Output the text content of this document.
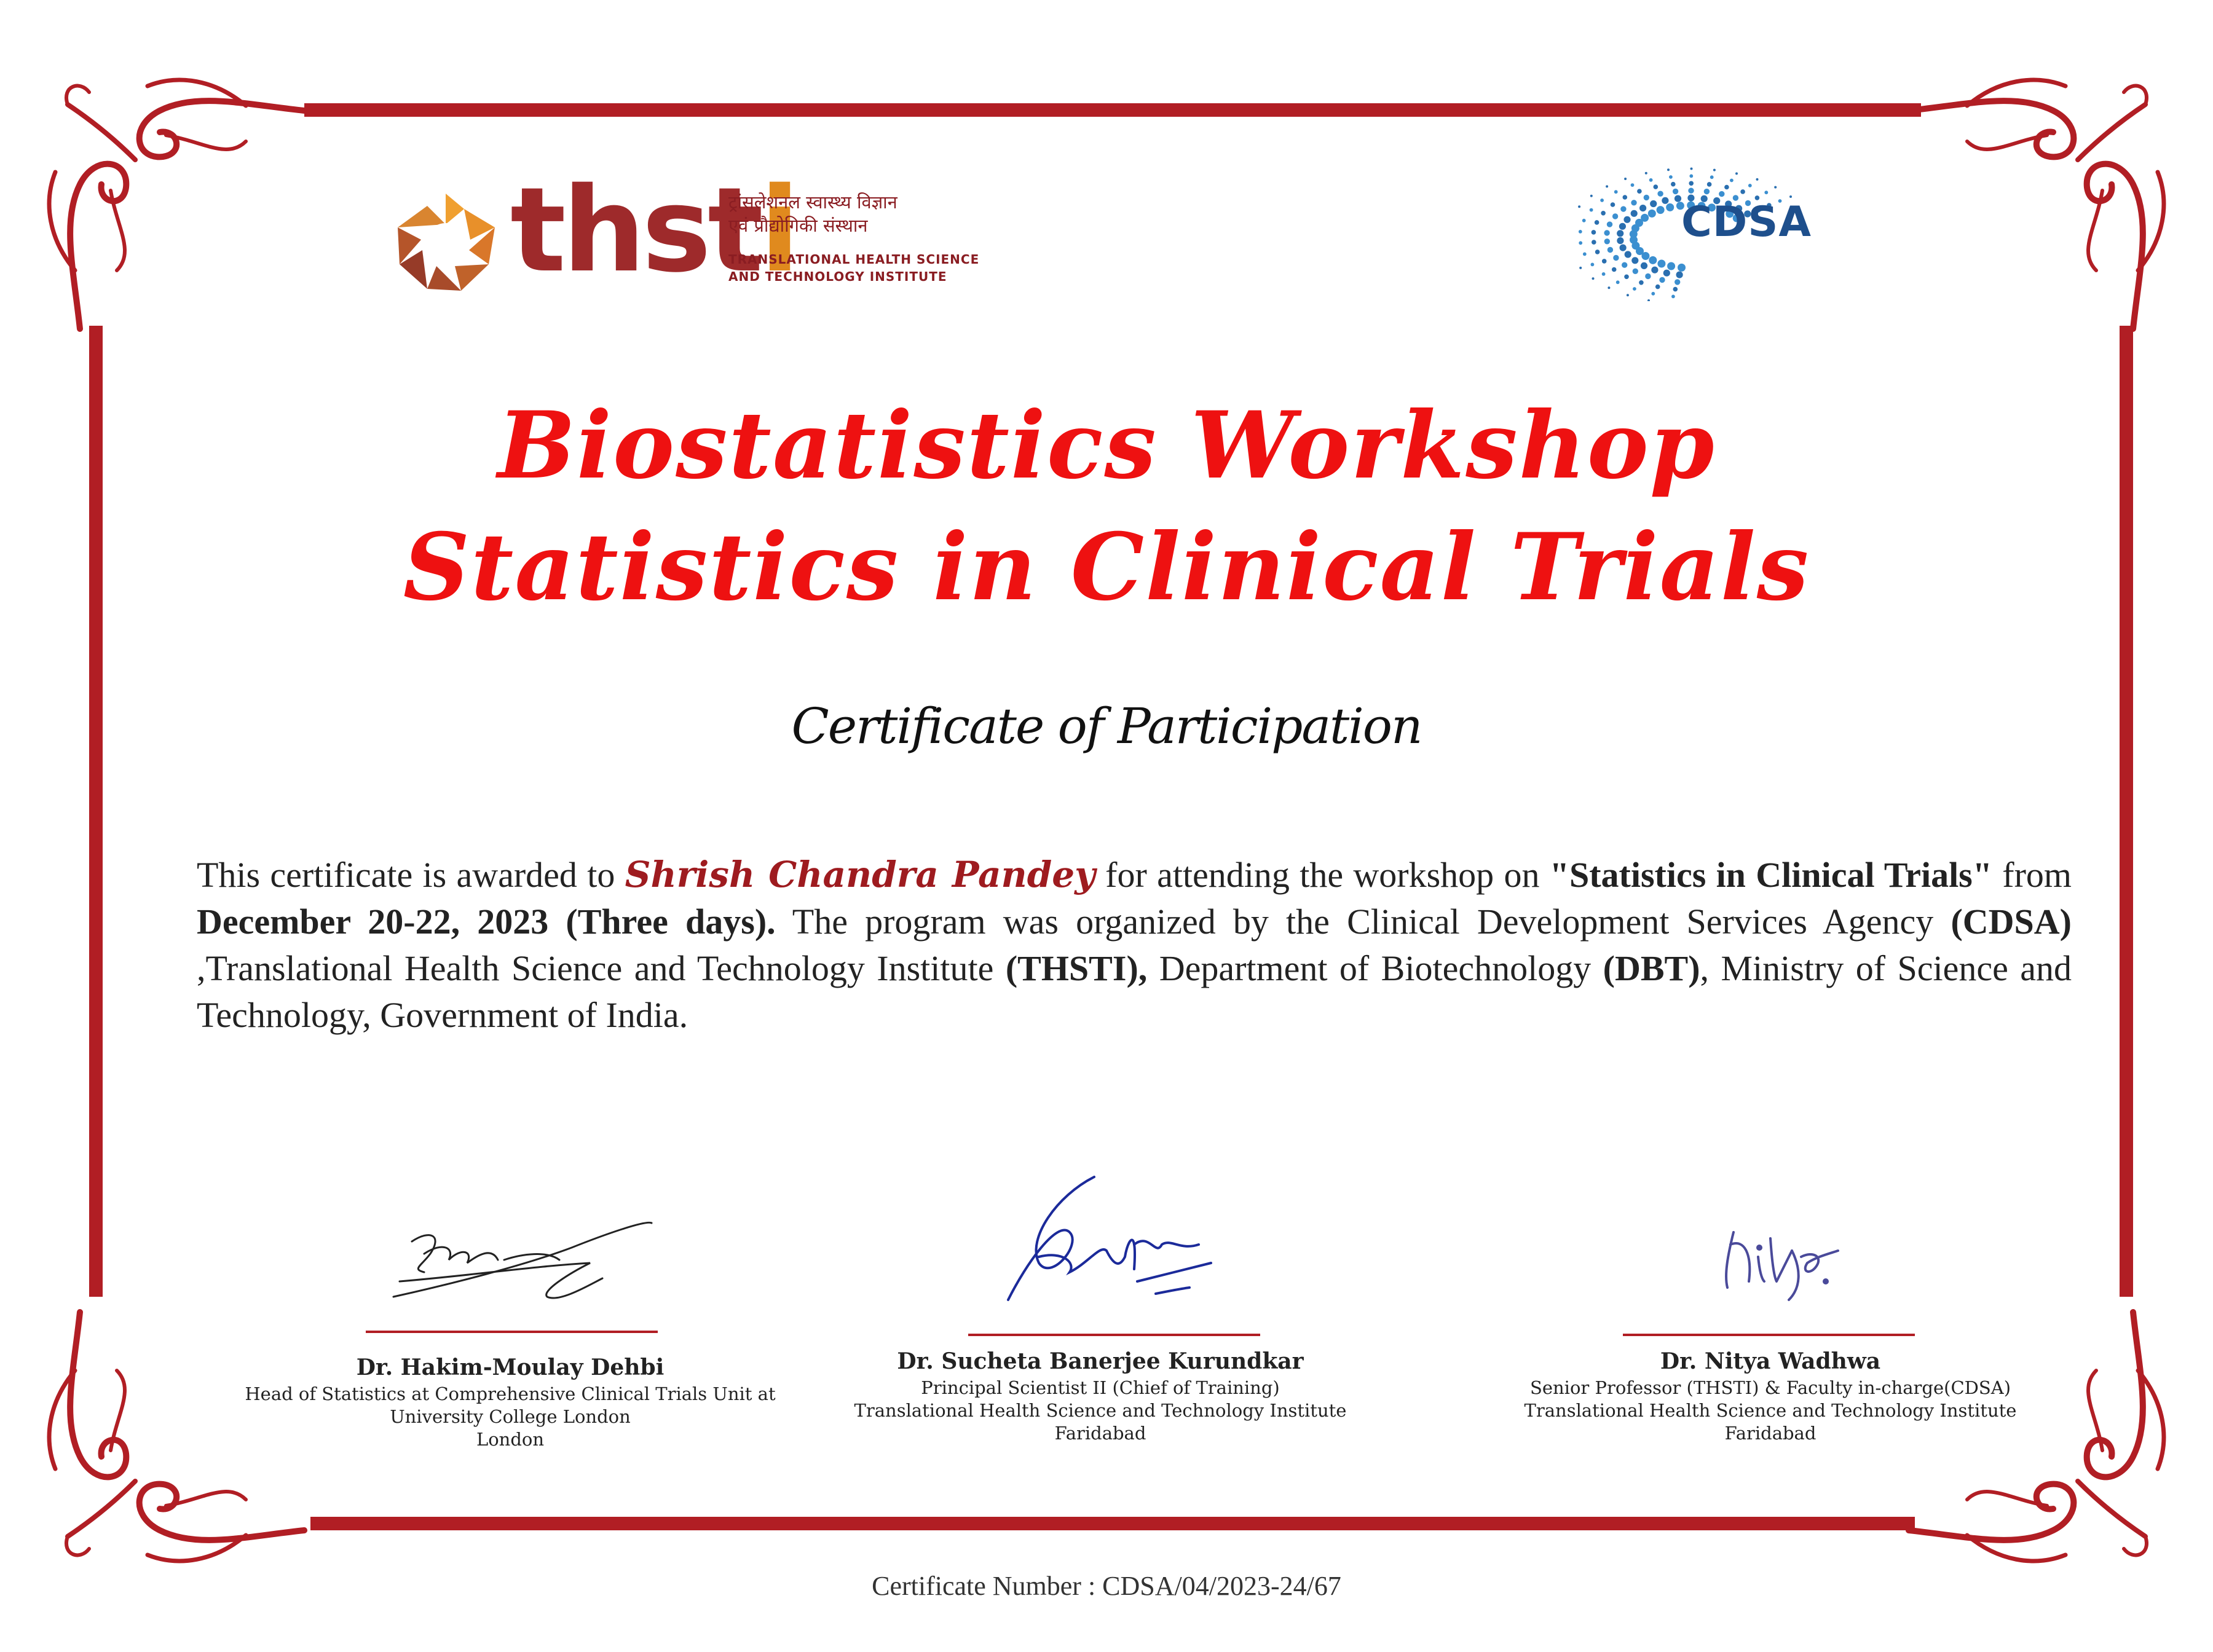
thsti
ट्रांसलेशनल स्वास्थ्य विज्ञान
एवं प्रौद्योगिकी संस्थान
TRANSLATIONAL HEALTH SCIENCE
AND TECHNOLOGY INSTITUTE
CDSA
Biostatistics Workshop
Statistics in Clinical Trials
Certificate of Participation
This certificate is awarded to Shrish Chandra Pandey for attending the workshop on "Statistics in Clinical Trials" from December 20-22, 2023 (Three days). The program was organized by the Clinical Development Services Agency (CDSA) ,Translational Health Science and Technology Institute (THSTI), Department of Biotechnology (DBT), Ministry of Science and Technology, Government of India.
Dr. Hakim-Moulay Dehbi
Head of Statistics at Comprehensive Clinical Trials Unit at
University College London
London
Dr. Sucheta Banerjee Kurundkar
Principal Scientist II (Chief of Training)
Translational Health Science and Technology Institute
Faridabad
Dr. Nitya Wadhwa
Senior Professor (THSTI) & Faculty in-charge(CDSA)
Translational Health Science and Technology Institute
Faridabad
Certificate Number : CDSA/04/2023-24/67
